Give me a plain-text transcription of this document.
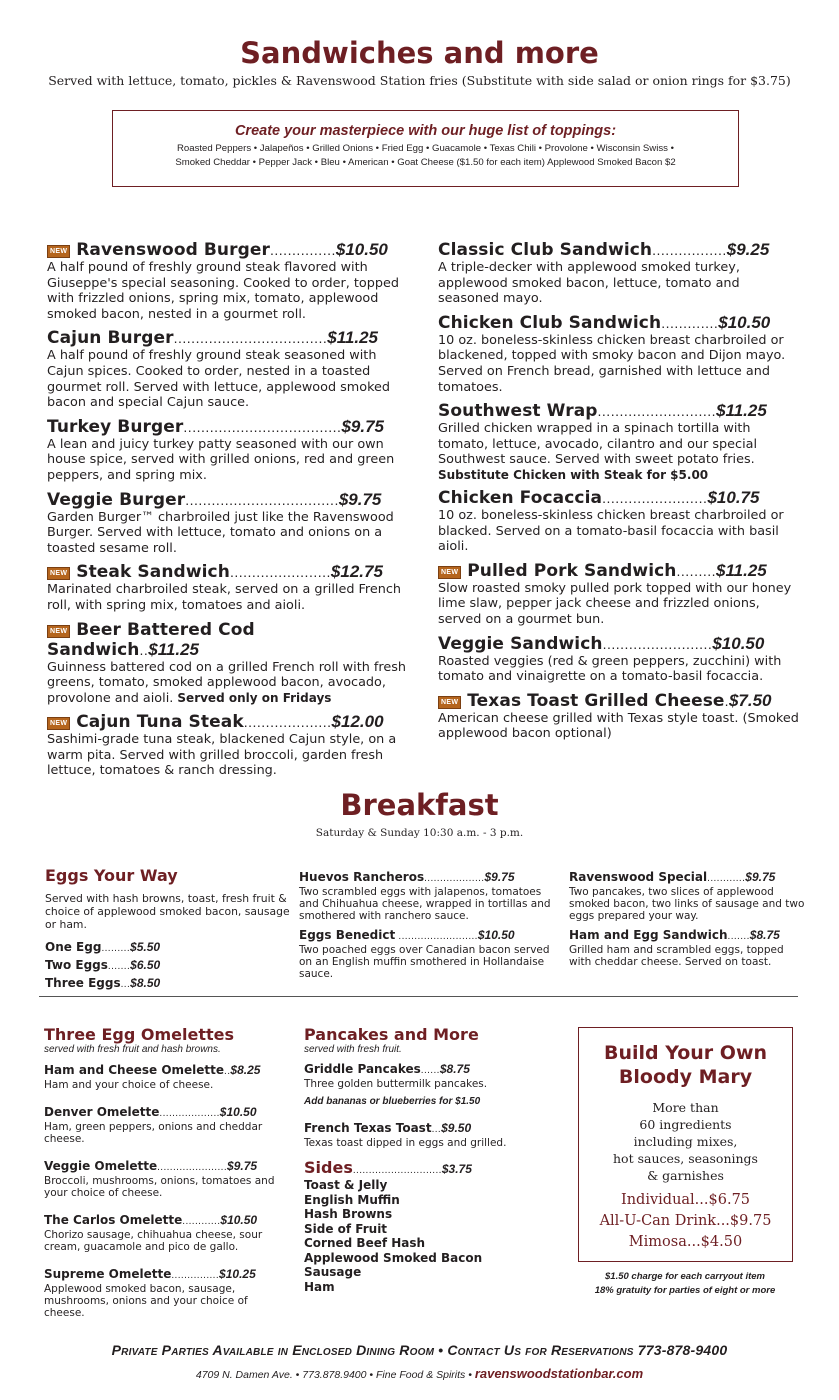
Sandwiches and more
Served with lettuce, tomato, pickles & Ravenswood Station fries (Substitute with side salad or onion rings for $3.75)
Create your masterpiece with our huge list of toppings:
Roasted Peppers • Jalapeños • Grilled Onions • Fried Egg • Guacamole • Texas Chili • Provolone • Wisconsin Swiss •
Smoked Cheddar • Pepper Jack • Bleu • American • Goat Cheese ($1.50 for each item) Applewood Smoked Bacon $2
NEW Ravenswood Burger...............$10.50
A half pound of freshly ground steak flavored with Giuseppe's special seasoning. Cooked to order, topped with frizzled onions, spring mix, tomato, applewood smoked bacon, nested in a gourmet roll.
Cajun Burger...................................$11.25
A half pound of freshly ground steak seasoned with Cajun spices. Cooked to order, nested in a toasted gourmet roll. Served with lettuce, applewood smoked bacon and special Cajun sauce.
Turkey Burger....................................$9.75
A lean and juicy turkey patty seasoned with our own house spice, served with grilled onions, red and green peppers, and spring mix.
Veggie Burger...................................$9.75
Garden Burger™ charbroiled just like the Ravenswood Burger. Served with lettuce, tomato and onions on a toasted sesame roll.
NEW Steak Sandwich.......................$12.75
Marinated charbroiled steak, served on a grilled French roll, with spring mix, tomatoes and aioli.
NEW Beer Battered Cod Sandwich..$11.25
Guinness battered cod on a grilled French roll with fresh greens, tomato, smoked applewood bacon, avocado, provolone and aioli. Served only on Fridays
NEW Cajun Tuna Steak....................$12.00
Sashimi-grade tuna steak, blackened Cajun style, on a warm pita. Served with grilled broccoli, garden fresh lettuce, tomatoes & ranch dressing.
Classic Club Sandwich.................$9.25
A triple-decker with applewood smoked turkey, applewood smoked bacon, lettuce, tomato and seasoned mayo.
Chicken Club Sandwich.............$10.50
10 oz. boneless-skinless chicken breast charbroiled or blackened, topped with smoky bacon and Dijon mayo. Served on French bread, garnished with lettuce and tomatoes.
Southwest Wrap...........................$11.25
Grilled chicken wrapped in a spinach tortilla with tomato, lettuce, avocado, cilantro and our special Southwest sauce. Served with sweet potato fries.
Substitute Chicken with Steak for $5.00
Chicken Focaccia........................$10.75
10 oz. boneless-skinless chicken breast charbroiled or blacked. Served on a tomato-basil focaccia with basil aioli.
NEW Pulled Pork Sandwich.........$11.25
Slow roasted smoky pulled pork topped with our honey lime slaw, pepper jack cheese and frizzled onions, served on a gourmet bun.
Veggie Sandwich.........................$10.50
Roasted veggies (red & green peppers, zucchini) with tomato and vinaigrette on a tomato-basil focaccia.
NEW Texas Toast Grilled Cheese.$7.50
American cheese grilled with Texas style toast. (Smoked applewood bacon optional)
Breakfast
Saturday & Sunday 10:30 a.m. - 3 p.m.
Eggs Your Way
Served with hash browns, toast, fresh fruit & choice of applewood smoked bacon, sausage or ham.
One Egg.........$5.50
Two Eggs.......$6.50
Three Eggs...$8.50
Huevos Rancheros...................$9.75
Two scrambled eggs with jalapenos, tomatoes and Chihuahua cheese, wrapped in tortillas and smothered with ranchero sauce.
Eggs Benedict .........................$10.50
Two poached eggs over Canadian bacon served on an English muffin smothered in Hollandaise sauce.
Ravenswood Special............$9.75
Two pancakes, two slices of applewood smoked bacon, two links of sausage and two eggs prepared your way.
Ham and Egg Sandwich.......$8.75
Grilled ham and scrambled eggs, topped with cheddar cheese. Served on toast.
Three Egg Omelettes
served with fresh fruit and hash browns.
Ham and Cheese Omelette..$8.25
Ham and your choice of cheese.
Denver Omelette...................$10.50
Ham, green peppers, onions and cheddar cheese.
Veggie Omelette......................$9.75
Broccoli, mushrooms, onions, tomatoes and your choice of cheese.
The Carlos Omelette............$10.50
Chorizo sausage, chihuahua cheese, sour cream, guacamole and pico de gallo.
Supreme Omelette...............$10.25
Applewood smoked bacon, sausage, mushrooms, onions and your choice of cheese.
Pancakes and More
served with fresh fruit.
Griddle Pancakes......$8.75
Three golden buttermilk pancakes.
Add bananas or blueberries for $1.50
French Texas Toast...$9.50
Texas toast dipped in eggs and grilled.
Sides............................$3.75
Toast & Jelly
English Muffin
Hash Browns
Side of Fruit
Corned Beef Hash
Applewood Smoked Bacon
Sausage
Ham
Build Your Own
Bloody Mary
More than
60 ingredients
including mixes,
hot sauces, seasonings
& garnishes
Individual...$6.75
All-U-Can Drink...$9.75
Mimosa...$4.50
$1.50 charge for each carryout item
18% gratuity for parties of eight or more
Private Parties Available in Enclosed Dining Room • Contact Us for Reservations 773-878-9400
4709 N. Damen Ave. • 773.878.9400 • Fine Food & Spirits • ravenswoodstationbar.com
